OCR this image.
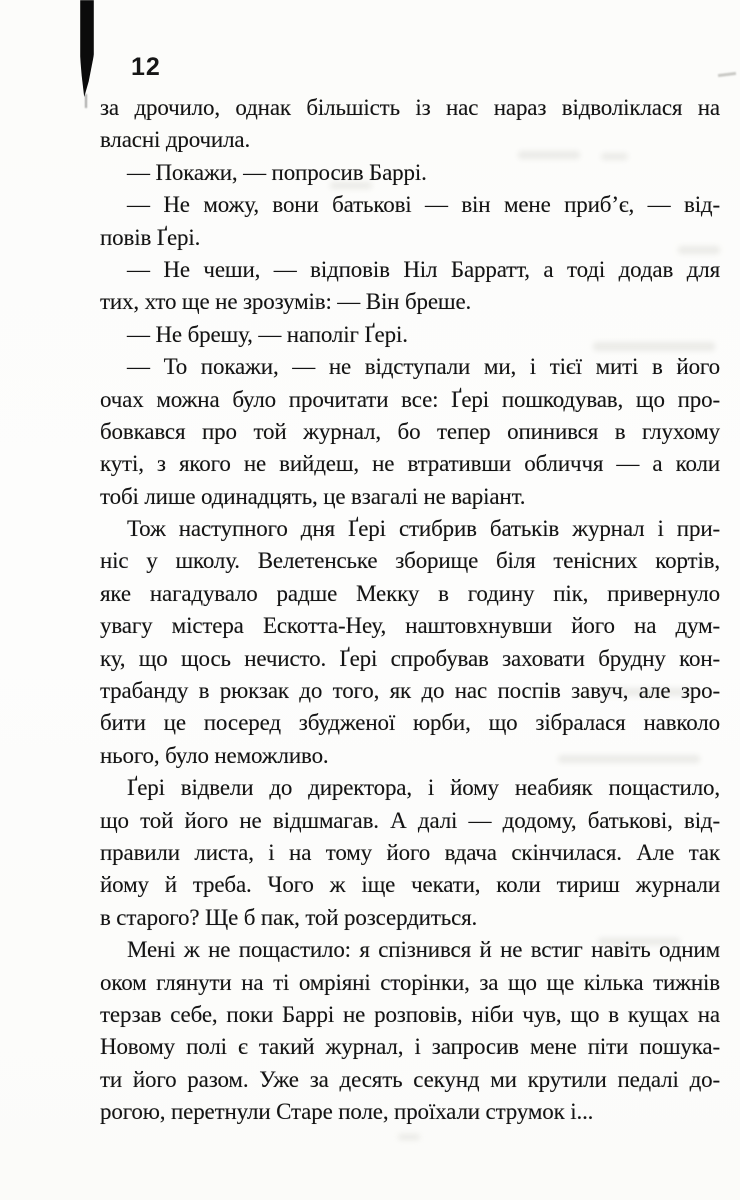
12

за дрочило, однак більшість із нас нараз відволіклася на
власні дрочила.

— Покажи, — попросив Баррі.

— Не можу, вони батькові — він мене приб’є, — від-
повів Ґері.

— Не чеши, — відповів Ніл Барратт, а тоді додав для
тих, хто ще не зрозумів: — Він бреше.

— Не брешу, — наполіг Ґері.

— То покажи, — не відступали ми, і тієї миті в його
очах можна було прочитати все: Ґері пошкодував, що про-
бовкався про той журнал, бо тепер опинився в глухому
куті, з якого не вийдеш, не втративши обличчя — а коли
тобі лише одинадцять, це взагалі не варіант.

Тож наступного дня Ґері стибрив батьків журнал і при-
ніс у школу. Велетенське зборище біля тенісних кортів,
яке нагадувало радше Мекку в годину пік, привернуло
увагу містера Ескотта-Неу, наштовхнувши його на дум-
ку, що щось нечисто. Ґері спробував заховати брудну кон-
трабанду в рюкзак до того, як до нас поспів завуч, але зро-
бити це посеред збудженої юрби, що зібралася навколо
нього, було неможливо.

Ґері відвели до директора, і йому неабияк пощастило,
що той його не відшмагав. А далі — додому, батькові, від-
правили листа, і на тому його вдача скінчилася. Але так
йому й треба. Чого ж іще чекати, коли тириш журнали
в старого? Ще б пак, той розсердиться.

Мені ж не пощастило: я спізнився й не встиг навіть одним
оком глянути на ті омріяні сторінки, за що ще кілька тижнів
терзав себе, поки Баррі не розповів, ніби чув, що в кущах на
Новому полі є такий журнал, і запросив мене піти пошука-
ти його разом. Уже за десять секунд ми крутили педалі до-
рогою, перетнули Старе поле, проїхали струмок і...
